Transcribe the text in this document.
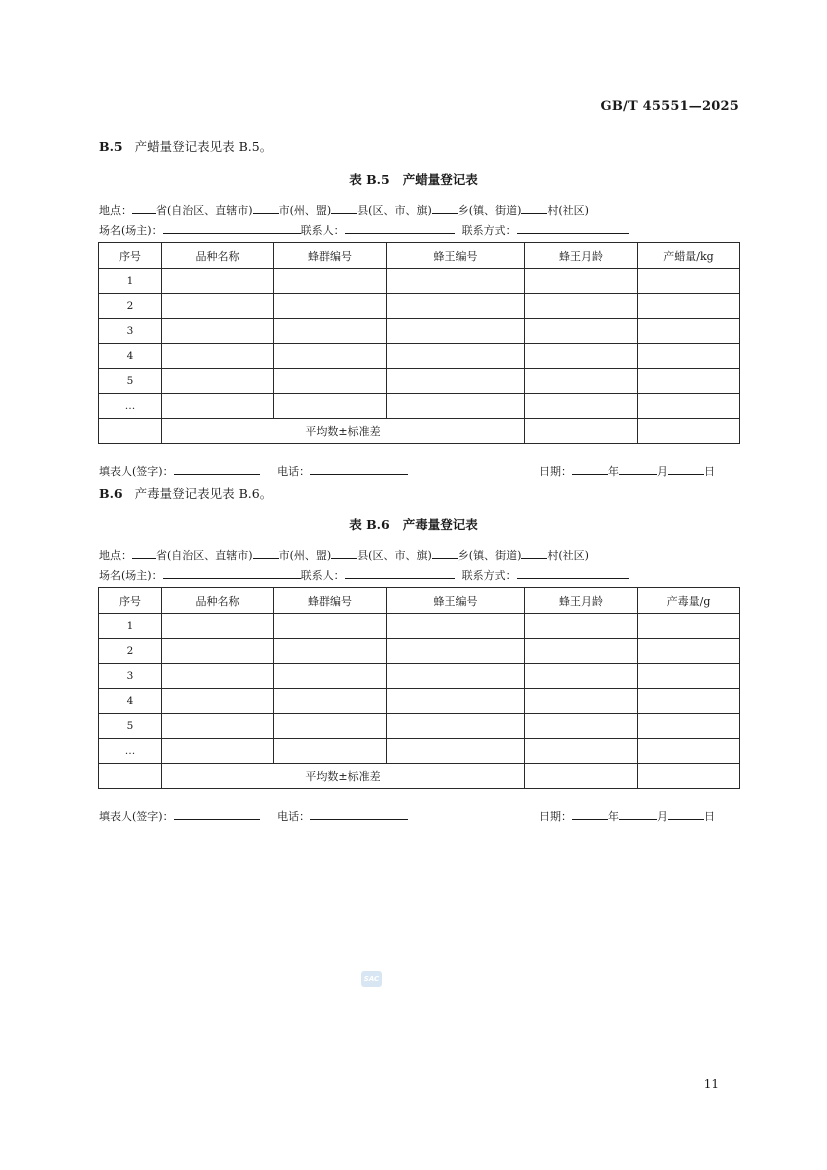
GB/T 45551—2025
B.5 产蜡量登记表见表 B.5。
表 B.5 产蜡量登记表
地点： 省(自治区、直辖市) 市(州、盟) 县(区、市、旗) 乡(镇、街道) 村(社区)
场名(场主)：	联系人：	联系方式：
序号	品种名称	蜂群编号	蜂王编号	蜂王月龄	产蜡量/kg
1					
2					
3					
4					
5					
…					
	平均数±标准差				
填表人(签字)：	电话：	日期：	年	月	日
B.6 产毒量登记表见表 B.6。
表 B.6 产毒量登记表
地点： 省(自治区、直辖市) 市(州、盟) 县(区、市、旗) 乡(镇、街道) 村(社区)
场名(场主)：	联系人：	联系方式：
序号	品种名称	蜂群编号	蜂王编号	蜂王月龄	产毒量/g
1					
2					
3					
4					
5					
…					
	平均数±标准差				
填表人(签字)：	电话：	日期：	年	月	日
SAC
11
